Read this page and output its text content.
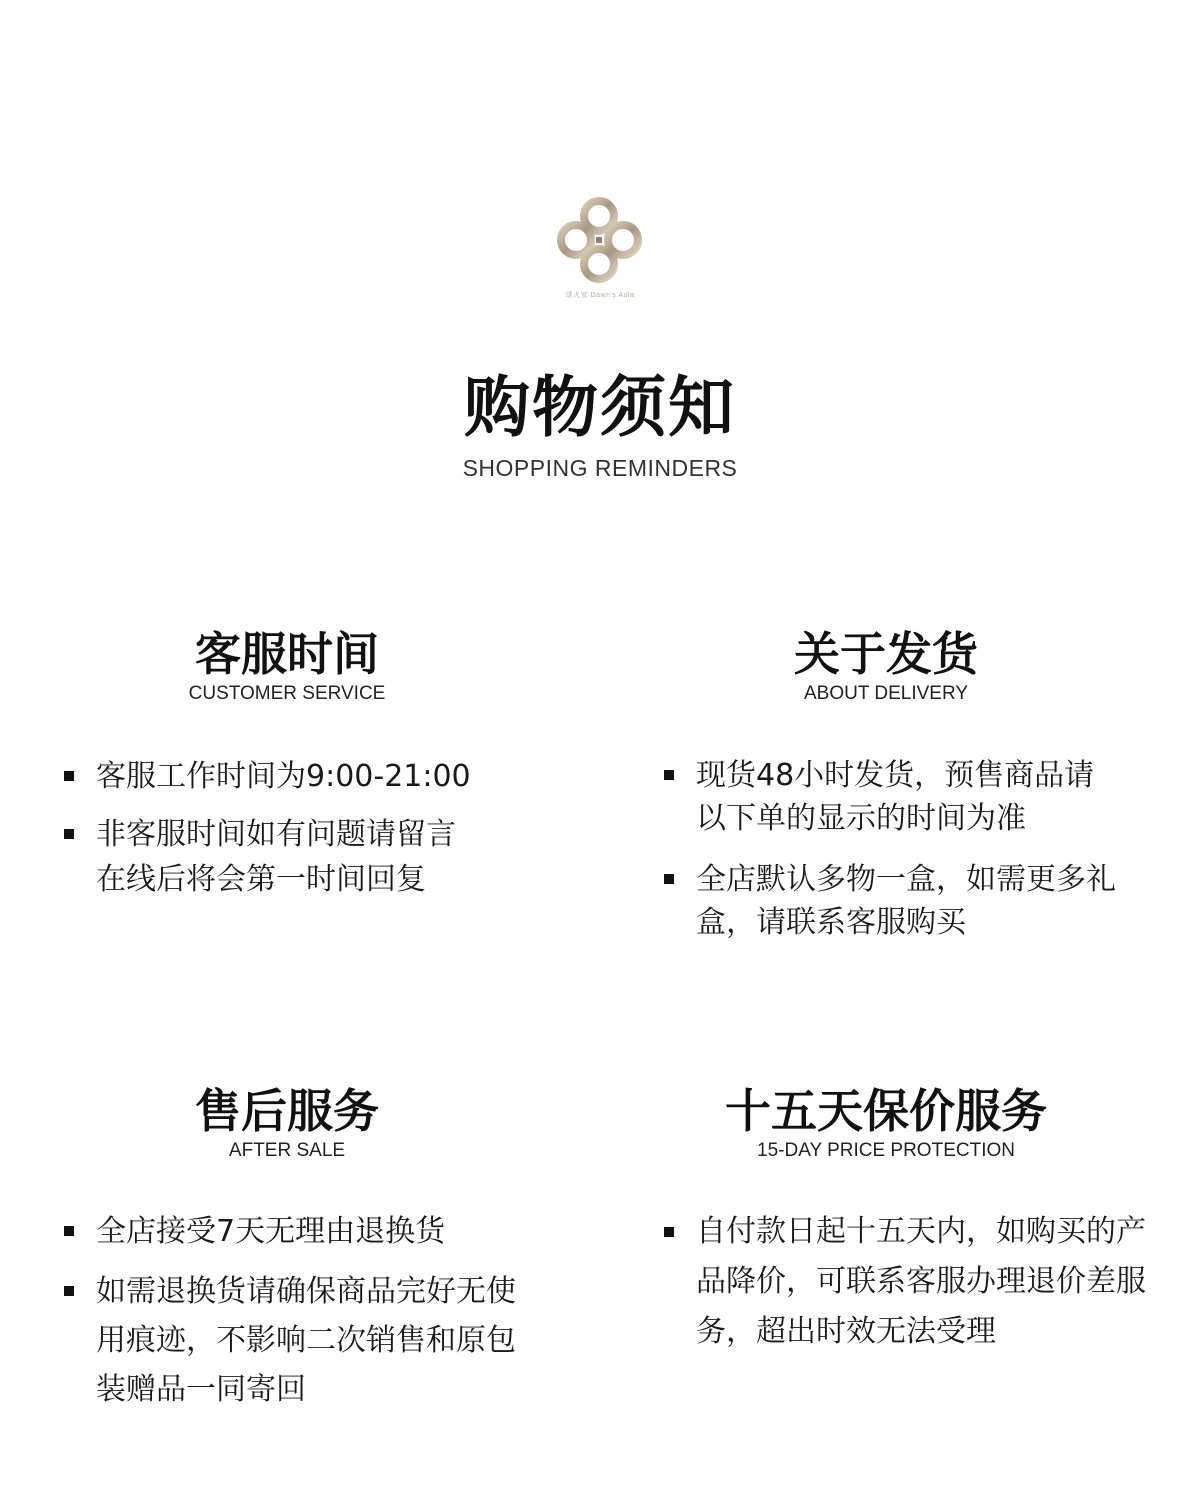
颂火家 Dawn's Aula
购物须知
SHOPPING REMINDERS
客服时间
CUSTOMER SERVICE
客服工作时间为9:00-21:00
非客服时间如有问题请留言在线后将会第一时间回复
关于发货
ABOUT DELIVERY
现货48小时发货，预售商品请以下单的显示的时间为准
全店默认多物一盒，如需更多礼盒，请联系客服购买
售后服务
AFTER SALE
全店接受7天无理由退换货
如需退换货请确保商品完好无使用痕迹，不影响二次销售和原包装赠品一同寄回
十五天保价服务
15-DAY PRICE PROTECTION
自付款日起十五天内，如购买的产品降价，可联系客服办理退价差服务，超出时效无法受理
